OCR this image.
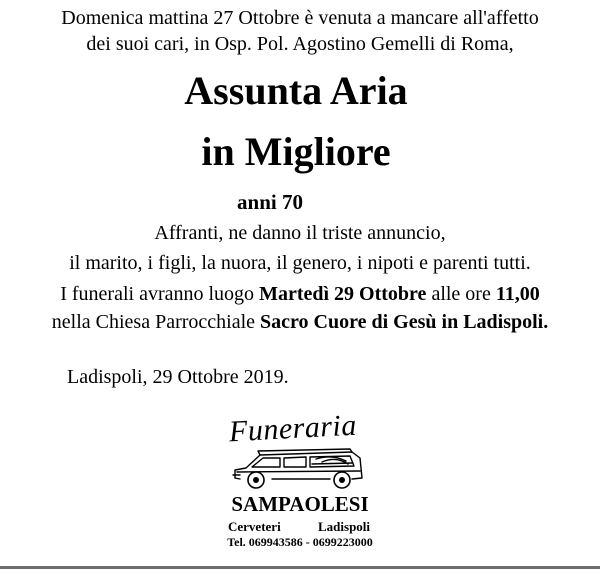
Domenica mattina 27 Ottobre è venuta a mancare all'affetto
dei suoi cari, in Osp. Pol. Agostino Gemelli di Roma,
Assunta Aria
in Migliore
anni 70
Affranti, ne danno il triste annuncio,
il marito, i figli, la nuora, il genero, i nipoti e parenti tutti.
I funerali avranno luogo Martedì 29 Ottobre alle ore 11,00
nella Chiesa Parrocchiale Sacro Cuore di Gesù in Ladispoli.
Ladispoli, 29 Ottobre 2019.
Funeraria
SAMPAOLESI
Cerveteri	Ladispoli
Tel. 069943586 - 0699223000
